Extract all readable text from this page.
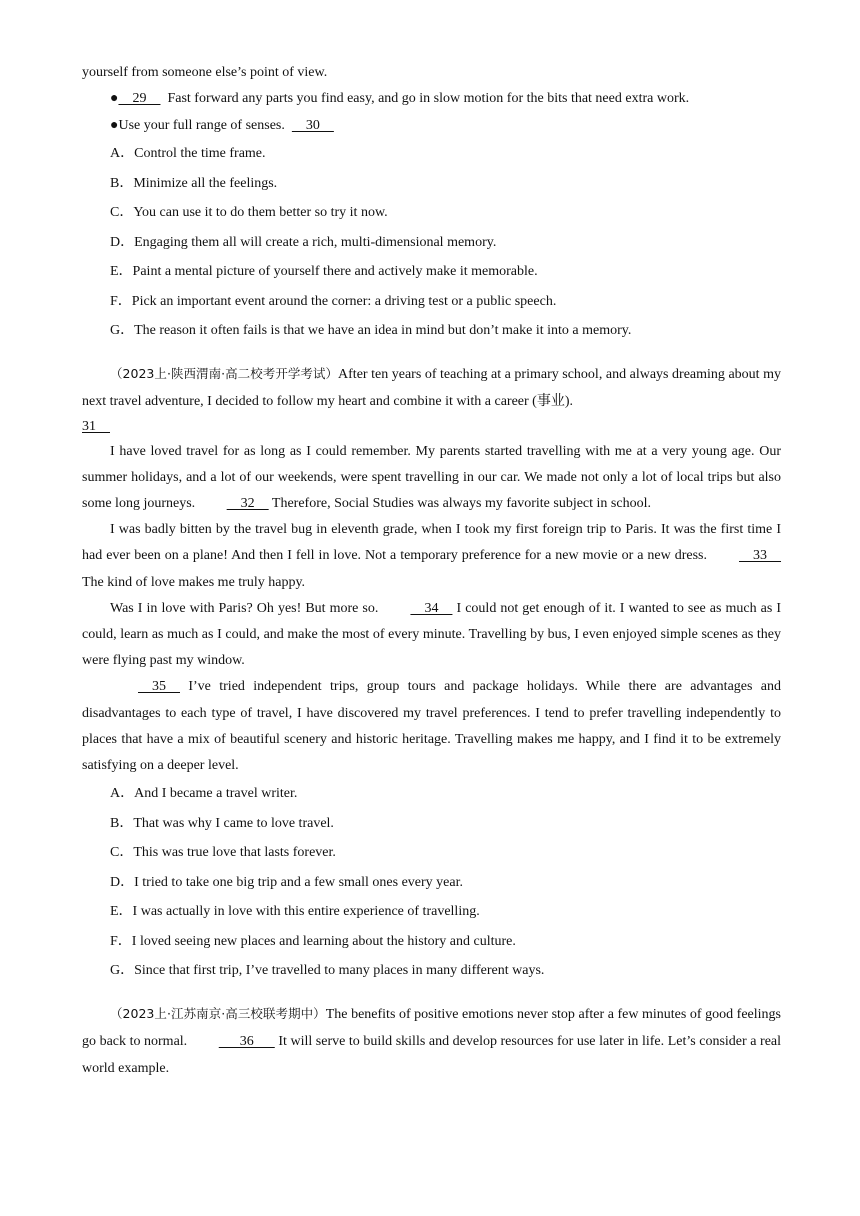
yourself from someone else’s point of view.
●    29      Fast forward any parts you find easy, and go in slow motion for the bits that need extra work.
●Use your full range of senses.      30
A．Control the time frame.
B．Minimize all the feelings.
C．You can use it to do them better so try it now.
D．Engaging them all will create a rich, multi-dimensional memory.
E．Paint a mental picture of yourself there and actively make it memorable.
F．Pick an important event around the corner: a driving test or a public speech.
G．The reason it often fails is that we have an idea in mind but don’t make it into a memory.
（2023上·陕西渭南·高二校考开学考试）After ten years of teaching at a primary school, and always dreaming about my next travel adventure, I decided to follow my heart and combine it with a career (事业).
31
I have loved travel for as long as I could remember. My parents started travelling with me at a very young age. Our summer holidays, and a lot of our weekends, were spent travelling in our car. We made not only a lot of local trips but also some long journeys.     32     Therefore, Social Studies was always my favorite subject in school.
I was badly bitten by the travel bug in eleventh grade, when I took my first foreign trip to Paris. It was the first time I had ever been on a plane! And then I fell in love. Not a temporary preference for a new movie or a new dress.     33     The kind of love makes me truly happy.
Was I in love with Paris? Oh yes! But more so.     34     I could not get enough of it. I wanted to see as much as I could, learn as much as I could, and make the most of every minute. Travelling by bus, I even enjoyed simple scenes as they were flying past my window.
35     I’ve tried independent trips, group tours and package holidays. While there are advantages and disadvantages to each type of travel, I have discovered my travel preferences. I tend to prefer travelling independently to places that have a mix of beautiful scenery and historic heritage. Travelling makes me happy, and I find it to be extremely satisfying on a deeper level.
A．And I became a travel writer.
B．That was why I came to love travel.
C．This was true love that lasts forever.
D．I tried to take one big trip and a few small ones every year.
E．I was actually in love with this entire experience of travelling.
F．I loved seeing new places and learning about the history and culture.
G．Since that first trip, I’ve travelled to many places in many different ways.
（2023上·江苏南京·高三校联考期中）The benefits of positive emotions never stop after a few minutes of good feelings go back to normal.       36       It will serve to build skills and develop resources for use later in life. Let’s consider a real world example.
